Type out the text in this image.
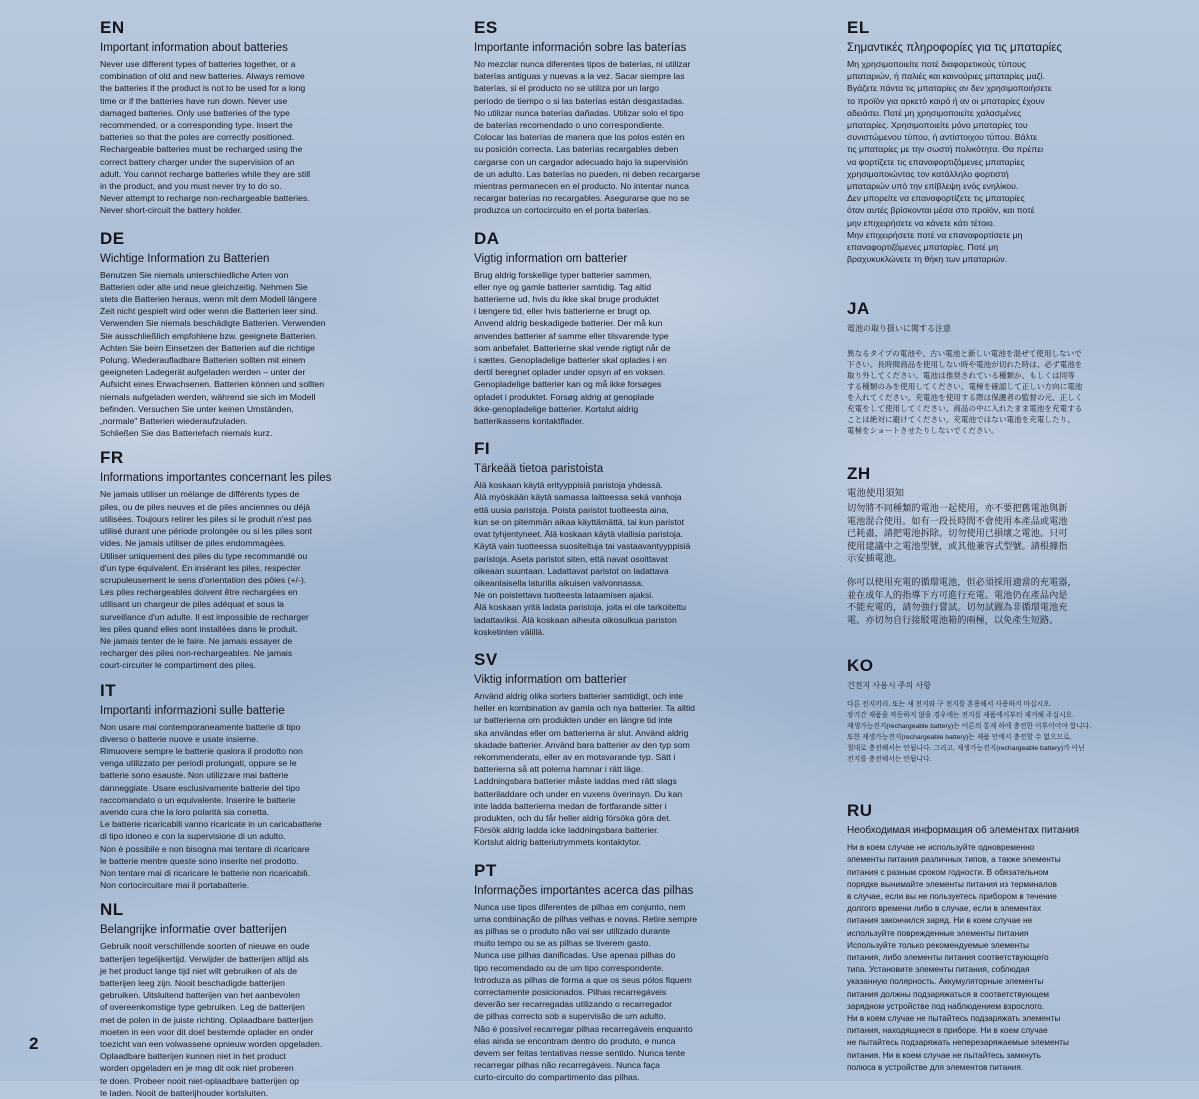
EN
Important information about batteries

Never use different types of batteries together, or a
combination of old and new batteries. Always remove
the batteries if the product is not to be used for a long
time or if the batteries have run down. Never use
damaged batteries. Only use batteries of the type
recommended, or a corresponding type. Insert the
batteries so that the poles are correctly positioned.
Rechargeable batteries must be recharged using the
correct battery charger under the supervision of an
adult. You cannot recharge batteries while they are still
in the product, and you must never try to do so.
Never attempt to recharge non-rechargeable batteries.
Never short-circuit the battery holder.

DE
Wichtige Information zu Batterien

Benutzen Sie niemals unterschiedliche Arten von
Batterien oder alte und neue gleichzeitig. Nehmen Sie
stets die Batterien heraus, wenn mit dem Modell längere
Zeit nicht gespielt wird oder wenn die Batterien leer sind.
Verwenden Sie niemals beschädigte Batterien. Verwenden
Sie ausschließlich empfohlene bzw. geeignete Batterien.
Achten Sie beim Einsetzen der Batterien auf die richtige
Polung. Wiederaufladbare Batterien sollten mit einem
geeigneten Ladegerät aufgeladen werden – unter der
Aufsicht eines Erwachsenen. Batterien können und sollten
niemals aufgeladen werden, während sie sich im Modell
befinden. Versuchen Sie unter keinen Umständen,
„normale" Batterien wiederaufzuladen.
Schließen Sie das Batteriefach niemals kurz.

FR
Informations importantes concernant les piles

Ne jamais utiliser un mélange de différents types de
piles, ou de piles neuves et de piles anciennes ou déjà
utilisées. Toujours retirer les piles si le produit n'est pas
utilisé durant une période prolongée ou si les piles sont
vides. Ne jamais utiliser de piles endommagées.
Utiliser uniquement des piles du type recommandé ou
d'un type équivalent. En insérant les piles, respecter
scrupuleusement le sens d'orientation des pôles (+/-).
Les piles rechargeables doivent être rechargées en
utilisant un chargeur de piles adéquat et sous la
surveillance d'un adulte. Il est impossible de recharger
les piles quand elles sont installées dans le produit.
Ne jamais tenter de le faire. Ne jamais essayer de
recharger des piles non-rechargeables. Ne jamais
court-circuiter le compartiment des piles.

IT
Importanti informazioni sulle batterie

Non usare mai contemporaneamente batterie di tipo
diverso o batterie nuove e usate insieme.
Rimuovere sempre le batterie qualora il prodotto non
venga utilizzato per periodi prolungati, oppure se le
batterie sono esauste. Non utilizzare mai batterie
danneggiate. Usare esclusivamente batterie del tipo
raccomandato o un equivalente. Inserire le batterie
avendo cura che la loro polarità sia corretta.
Le batterie ricaricabili vanno ricaricate in un caricabatterie
di tipo idoneo e con la supervisione di un adulto.
Non è possibile e non bisogna mai tentare di ricaricare
le batterie mentre queste sono inserite nel prodotto.
Non tentare mai di ricaricare le batterie non ricaricabili.
Non cortocircuitare mai il portabatterie.

NL
Belangrijke informatie over batterijen

Gebruik nooit verschillende soorten of nieuwe en oude
batterijen tegelijkertijd. Verwijder de batterijen altijd als
je het product lange tijd niet wilt gebruiken of als de
batterijen leeg zijn. Nooit beschadigde batterijen
gebruiken. Uitsluitend batterijen van het aanbevolen
of overeenkomstige type gebruiken. Leg de batterijen
met de polen in de juiste richting. Oplaadbare batterijen
moeten in een voor dit doel bestemde oplader en onder
toezicht van een volwassene opnieuw worden opgeladen.
Oplaadbare batterijen kunnen niet in het product
worden opgeladen en je mag dit ook niet proberen
te doen. Probeer nooit niet-oplaadbare batterijen op
te laden. Nooit de batterijhouder kortsluiten.

ES
Importante información sobre las baterías

No mezclar nunca diferentes tipos de baterías, ni utilizar
baterías antiguas y nuevas a la vez. Sacar siempre las
baterías, si el producto no se utiliza por un largo
periodo de tiempo o si las baterías están desgastadas.
No utilizar nunca baterías dañadas. Utilizar solo el tipo
de baterías recomendado o uno correspondiente.
Colocar las baterías de manera que los polos estén en
su posición correcta. Las baterías recargables deben
cargarse con un cargador adecuado bajo la supervisión
de un adulto. Las baterías no pueden, ni deben recargarse
mientras permanecen en el producto. No intentar nunca
recargar baterías no recargables. Asegurarse que no se
produzca un cortocircuito en el porta baterías.

DA
Vigtig information om batterier

Brug aldrig forskellige typer batterier sammen,
eller nye og gamle batterier samtidig. Tag altid
batterierne ud, hvis du ikke skal bruge produktet
i længere tid, eller hvis batterierne er brugt op.
Anvend aldrig beskadigede batterier. Der må kun
anvendes batterier af samme eller tilsvarende type
som anbefalet. Batterierne skal vende rigtigt når de
i sættes. Genopladelige batterier skal oplades i en
dertil beregnet oplader under opsyn af en voksen.
Genopladelige batterier kan og må ikke forsøges
opladet i produktet. Forsøg aldrig at genoplade
ikke-genopladelige batterier. Kortslut aldrig
batterikassens kontaktflader.

FI
Tärkeää tietoa paristoista

Älä koskaan käytä erityyppisiä paristoja yhdessä.
Älä myöskään käytä samassa laitteessa sekä vanhoja
että uusia paristoja. Poista paristot tuotteesta aina,
kun se on pitemmän aikaa käyttämättä, tai kun paristot
ovat tyhjentyneet. Älä koskaan käytä viallisia paristoja.
Käytä vain tuotteessa suositeltuja tai vastaavantyyppisiä
paristoja. Aseta paristot siten, että navat osoittavat
oikeaan suuntaan. Ladattavat paristot on ladattava
oikeanlaisella laturilla aikuisen valvonnassa.
Ne on poistettava tuotteesta lataamisen ajaksi.
Älä koskaan yritä ladata paristoja, joita ei ole tarkoitettu
ladattaviksi. Älä koskaan aiheuta oikosulkua pariston
kosketinten välillä.

SV
Viktig information om batterier

Använd aldrig olika sorters batterier samtidigt, och inte
heller en kombination av gamla och nya batterier. Ta alltid
ur batterierna om produkten under en längre tid inte
ska användas eller om batterierna är slut. Använd aldrig
skadade batterier. Använd bara batterier av den typ som
rekommenderats, eller av en motsvarande typ. Sätt i
batterierna så att polerna hamnar i rätt läge.
Laddningsbara batterier måste laddas med rätt slags
batteriladdare och under en vuxens överinsyn. Du kan
inte ladda batterierna medan de fortfarande sitter i
produkten, och du får heller aldrig försöka göra det.
Försök aldrig ladda icke laddningsbara batterier.
Kortslut aldrig batteriutrymmets kontaktytor.

PT
Informações importantes acerca das pilhas

Nunca use tipos diferentes de pilhas em conjunto, nem
uma combinação de pilhas velhas e novas. Retire sempre
as pilhas se o produto não vai ser utilizado durante
muito tempo ou se as pilhas se tiverem gasto.
Nunca use pilhas danificadas. Use apenas pilhas do
tipo recomendado ou de um tipo correspondente.
Introduza as pilhas de forma a que os seus pólos fiquem
correctamente posicionados. Pilhas recarregáveis
deverão ser recarregadas utilizando o recarregador
de pilhas correcto sob a supervisão de um adulto.
Não é possível recarregar pilhas recarregáveis enquanto
elas ainda se encontram dentro do produto, e nunca
devem ser feitas tentativas nesse sentido. Nunca tente
recarregar pilhas não recarregáveis. Nunca faça
curto-circuito do compartimento das pilhas.

EL
Σημαντικές πληροφορίες για τις μπαταρίες

Μη χρησιμοποιείτε ποτέ διαφορετικούς τύπους
μπαταριών, ή παλιές και καινούριες μπαταρίες μαζί.
Βγάζετε πάντα τις μπαταρίες αν δεν χρησιμοποιήσετε
το προϊόν για αρκετό καιρό ή αν οι μπαταρίες έχουν
αδειάσει. Ποτέ μη χρησιμοποιείτε χαλασμένες
μπαταρίες. Χρησιμοποιείτε μόνο μπαταρίες του
συνιστώμενου τύπου, ή αντίστοιχου τύπου. Βάλτε
τις μπαταρίες με την σωστή πολικότητα. Θα πρέπει
να φορτίζετε τις επαναφορτιζόμενες μπαταρίες
χρησιμοποιώντας τον κατάλληλο φορτιστή
μπαταριών υπό την επίβλεψη ενός ενηλίκου.
Δεν μπορείτε να επαναφορτίζετε τις μπαταρίες
όταν αυτές βρίσκονται μέσα στο προϊόν, και ποτέ
μην επιχειρήσετε να κάνετε κάτι τέτοιο.
Μην επιχειρήσετε ποτέ να επαναφορτίσετε μη
επαναφορτιζόμενες μπαταρίες. Ποτέ μη
βραχυκυκλώνετε τη θήκη των μπαταριών.

JA
電池の取り扱いに関する注意

異なるタイプの電池や、古い電池と新しい電池を混ぜて使用しないで
下さい。長時間商品を使用しない時や電池が切れた時は、必ず電池を
取り外してください。電池は推奨されている種類か、もしくは同等
する種類のみを使用してください。電極を確認して正しい方向に電池
を入れてください。充電池を使用する際は保護者の監督の元、正しく
充電をして使用してください。商品の中に入れたまま電池を充電する
ことは絶対に避けてください。充電池ではない電池を充電したり、
電極をショートさせたりしないでください。

ZH
電池使用須知

切勿將不同種類的電池一起使用，亦不要把舊電池與新
電池混合使用。如有一段長時間不會使用本產品或電池
已耗盡，請把電池拆除。切勿使用已損壞之電池。只可
使用建議中之電池型號，或其他兼容式型號。請根據指
示安插電池。

你可以使用充電的循環電池，但必須採用適當的充電器，
並在成年人的指導下方可進行充電。電池仍在產品內是
不能充電的，請勿強行嘗試。切勿試圖為非循環電池充
電。亦切勿自行接駁電池箱的兩極，以免產生短路。

KO
건전지 사용시 주의 사항

다른 전지끼리, 또는 새 전지와 구 전지를 혼용해서 사용하지 마십시오.
장기간 제품을 작동하지 않을 경우에는 전지를 제품에서부터 제거해 주십시오.
재생가능전지(rechargeable battery)는 어른의 통제 하에 충전한 이후이어야 합니다.
또한 재생가능전지(rechargeable battery)는 제품 안에서 충전할 수 없으므로,
절대로 충전해서는 안됩니다. 그리고, 재생가능전지(rechargeable battery)가 아닌
전지를 충전해서는 안됩니다.

RU
Необходимая информация об элементах питания

Ни в коем случае не используйте одновременно
элементы питания различных типов, а также элементы
питания с разным сроком годности. В обязательном
порядке вынимайте элементы питания из терминалов
в случае, если вы не пользуетесь прибором в течение
долгого времени либо в случае, если в элементах
питания закончился заряд. Ни в коем случае не
используйте поврежденные элементы питания
Используйте только рекомендуемые элементы
питания, либо элементы питания соответствующего
типа. Установите элементы питания, соблюдая
указанную полярность. Аккумуляторные элементы
питания должны подзаряжаться в соответствующем
зарядном устройстве под наблюдением взрослого.
Ни в коем случае не пытайтесь подзаряжать элементы
питания, находящиеся в приборе. Ни в коем случае
не пытайтесь подзаряжать неперезаряжаемые элементы
питания. Ни в коем случае не пытайтесь замкнуть
полюса в устройстве для элементов питания.

2
